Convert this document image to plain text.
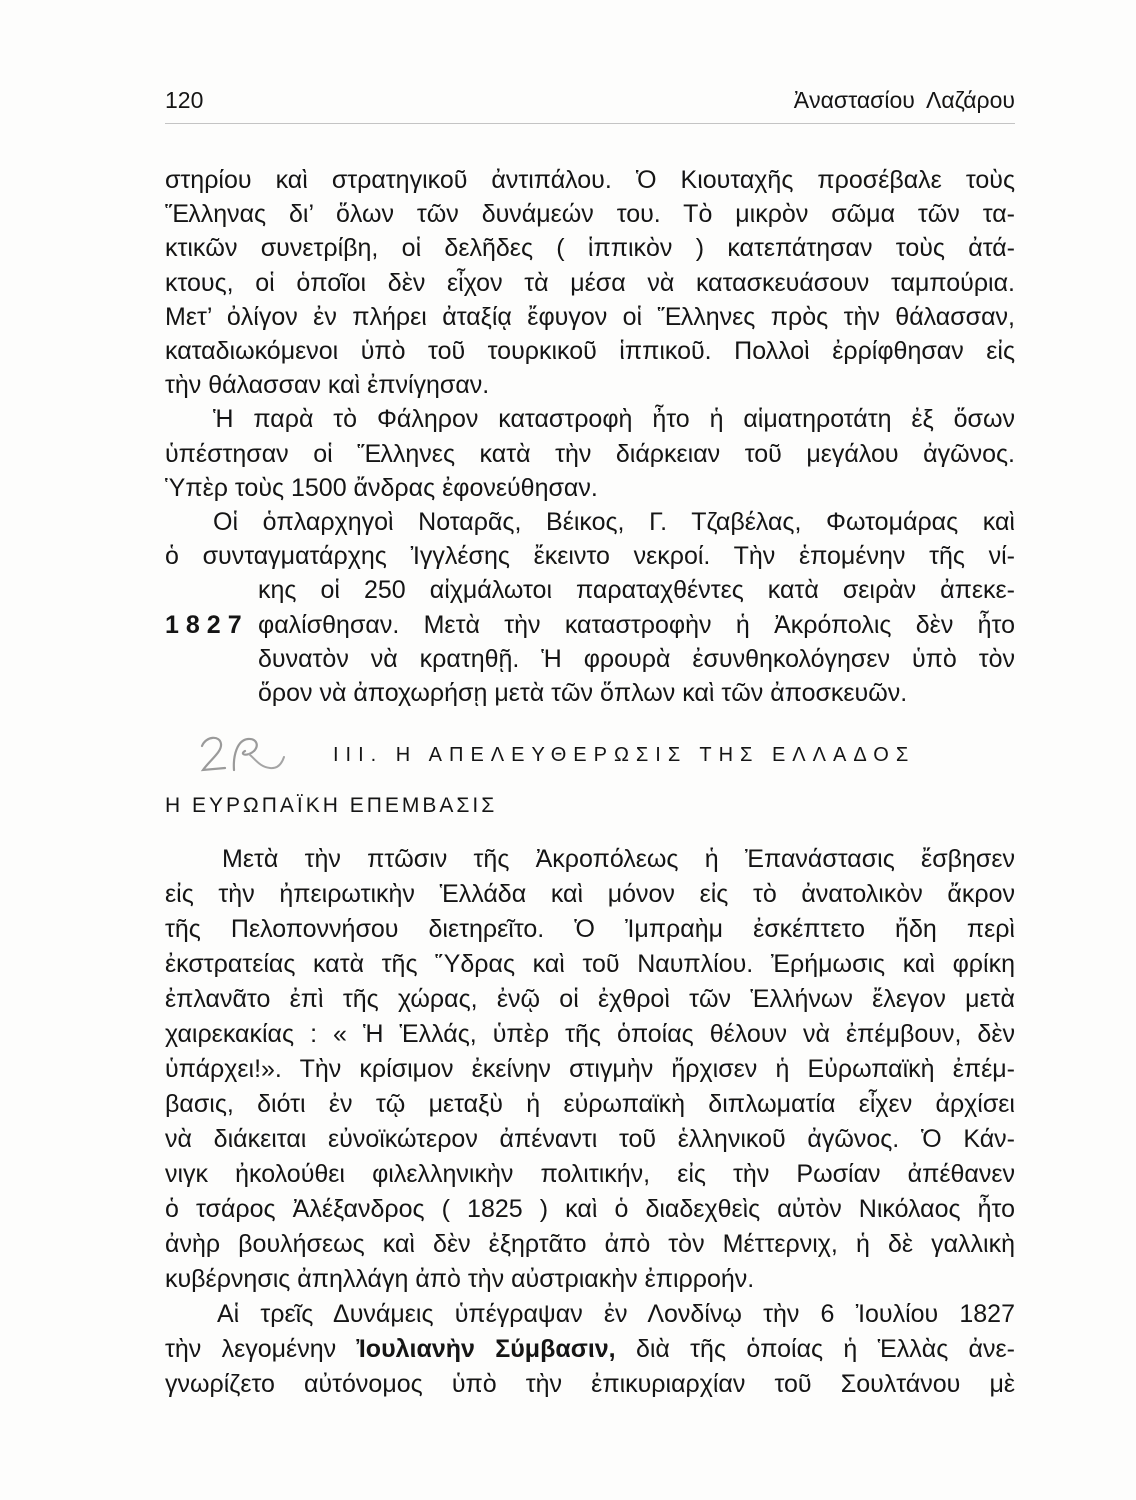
120	Ἀναστασίου Λαζάρου
στηρίου καὶ στρατηγικοῦ ἀντιπάλου. Ὁ Κιουταχῆς προσέβαλε τοὺς
Ἕλληνας δι’ ὅλων τῶν δυνάμεών του. Τὸ μικρὸν σῶμα τῶν τα-
κτικῶν συνετρίβη, οἱ δελῆδες ( ἱππικὸν ) κατεπάτησαν τοὺς ἀτά-
κτους, οἱ ὁποῖοι δὲν εἶχον τὰ μέσα νὰ κατασκευάσουν ταμπούρια.
Μετ’ ὀλίγον ἐν πλήρει ἀταξίᾳ ἔφυγον οἱ Ἕλληνες πρὸς τὴν θάλασσαν,
καταδιωκόμενοι ὑπὸ τοῦ τουρκικοῦ ἱππικοῦ. Πολλοὶ ἐρρίφθησαν εἰς
τὴν θάλασσαν καὶ ἐπνίγησαν.
Ἡ παρὰ τὸ Φάληρον καταστροφὴ ἦτο ἡ αἱματηροτάτη ἐξ ὅσων
ὑπέστησαν οἱ Ἕλληνες κατὰ τὴν διάρκειαν τοῦ μεγάλου ἀγῶνος.
Ὑπὲρ τοὺς 1500 ἄνδρας ἐφονεύθησαν.
Οἱ ὁπλαρχηγοὶ Νοταρᾶς, Βέικος, Γ. Τζαβέλας, Φωτομάρας καὶ
ὁ συνταγματάρχης Ἰγγλέσης ἔκειντο νεκροί. Τὴν ἑπομένην τῆς νί-
κης οἱ 250 αἰχμάλωτοι παραταχθέντες κατὰ σειρὰν ἀπεκε-
1827 φαλίσθησαν. Μετὰ τὴν καταστροφὴν ἡ Ἀκρόπολις δὲν ἦτο
δυνατὸν νὰ κρατηθῇ. Ἡ φρουρὰ ἐσυνθηκολόγησεν ὑπὸ τὸν
ὅρον νὰ ἀποχωρήσῃ μετὰ τῶν ὅπλων καὶ τῶν ἀποσκευῶν.
III. Η ΑΠΕΛΕΥΘΕΡΩΣΙΣ ΤΗΣ ΕΛΛΑΔΟΣ
Η ΕΥΡΩΠΑΪΚΗ ΕΠΕΜΒΑΣΙΣ
Μετὰ τὴν πτῶσιν τῆς Ἀκροπόλεως ἡ Ἐπανάστασις ἔσβησεν
εἰς τὴν ἠπειρωτικὴν Ἑλλάδα καὶ μόνον εἰς τὸ ἀνατολικὸν ἄκρον
τῆς Πελοποννήσου διετηρεῖτο. Ὁ Ἰμπραὴμ ἐσκέπτετο ἤδη περὶ
ἐκστρατείας κατὰ τῆς Ὕδρας καὶ τοῦ Ναυπλίου. Ἐρήμωσις καὶ φρίκη
ἐπλανᾶτο ἐπὶ τῆς χώρας, ἐνῷ οἱ ἐχθροὶ τῶν Ἑλλήνων ἔλεγον μετὰ
χαιρεκακίας : « Ἡ Ἑλλάς, ὑπὲρ τῆς ὁποίας θέλουν νὰ ἐπέμβουν, δὲν
ὑπάρχει!». Τὴν κρίσιμον ἐκείνην στιγμὴν ἤρχισεν ἡ Εὐρωπαϊκὴ ἐπέμ-
βασις, διότι ἐν τῷ μεταξὺ ἡ εὐρωπαϊκὴ διπλωματία εἶχεν ἀρχίσει
νὰ διάκειται εὐνοϊκώτερον ἀπέναντι τοῦ ἑλληνικοῦ ἀγῶνος. Ὁ Κάν-
νιγκ ἠκολούθει φιλελληνικὴν πολιτικήν, εἰς τὴν Ρωσίαν ἀπέθανεν
ὁ τσάρος Ἀλέξανδρος ( 1825 ) καὶ ὁ διαδεχθεὶς αὐτὸν Νικόλαος ἦτο
ἀνὴρ βουλήσεως καὶ δὲν ἐξηρτᾶτο ἀπὸ τὸν Μέττερνιχ, ἡ δὲ γαλλικὴ
κυβέρνησις ἀπηλλάγη ἀπὸ τὴν αὐστριακὴν ἐπιρροήν.
Αἱ τρεῖς Δυνάμεις ὑπέγραψαν ἐν Λονδίνῳ τὴν 6 Ἰουλίου 1827
τὴν λεγομένην Ἰουλιανὴν Σύμβασιν, διὰ τῆς ὁποίας ἡ Ἑλλὰς ἀνε-
γνωρίζετο αὐτόνομος ὑπὸ τὴν ἐπικυριαρχίαν τοῦ Σουλτάνου μὲ
